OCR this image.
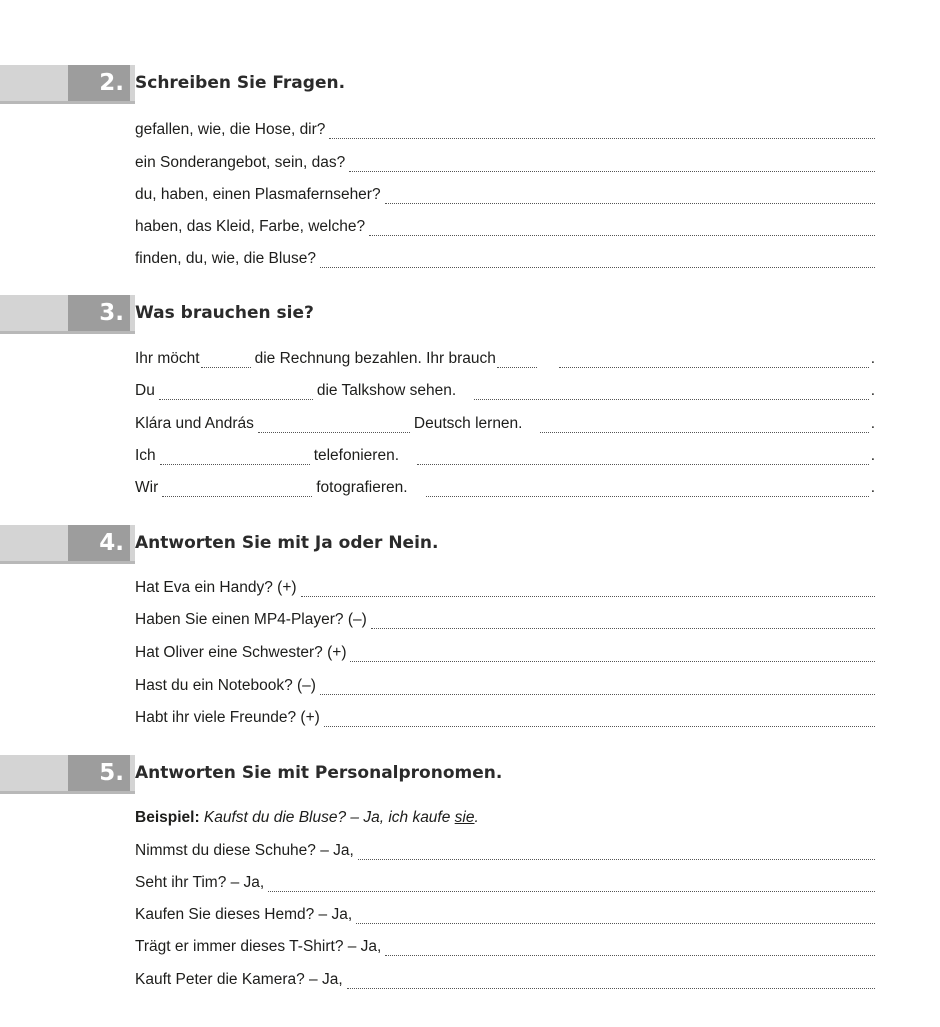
2. Schreiben Sie Fragen.
gefallen, wie, die Hose, dir?
ein Sonderangebot, sein, das?
du, haben, einen Plasmafernseher?
haben, das Kleid, Farbe, welche?
finden, du, wie, die Bluse?
3. Was brauchen sie?
Ihr möcht	die Rechnung bezahlen. Ihr brauch	.
Du	die Talkshow sehen.	.
Klára und András	Deutsch lernen.	.
Ich	telefonieren.	.
Wir	fotografieren.	.
4. Antworten Sie mit Ja oder Nein.
Hat Eva ein Handy? (+)
Haben Sie einen MP4-Player? (–)
Hat Oliver eine Schwester? (+)
Hast du ein Notebook? (–)
Habt ihr viele Freunde? (+)
5. Antworten Sie mit Personalpronomen.
Beispiel: Kaufst du die Bluse? – Ja, ich kaufe sie.
Nimmst du diese Schuhe? – Ja,
Seht ihr Tim? – Ja,
Kaufen Sie dieses Hemd? – Ja,
Trägt er immer dieses T-Shirt? – Ja,
Kauft Peter die Kamera? – Ja,
